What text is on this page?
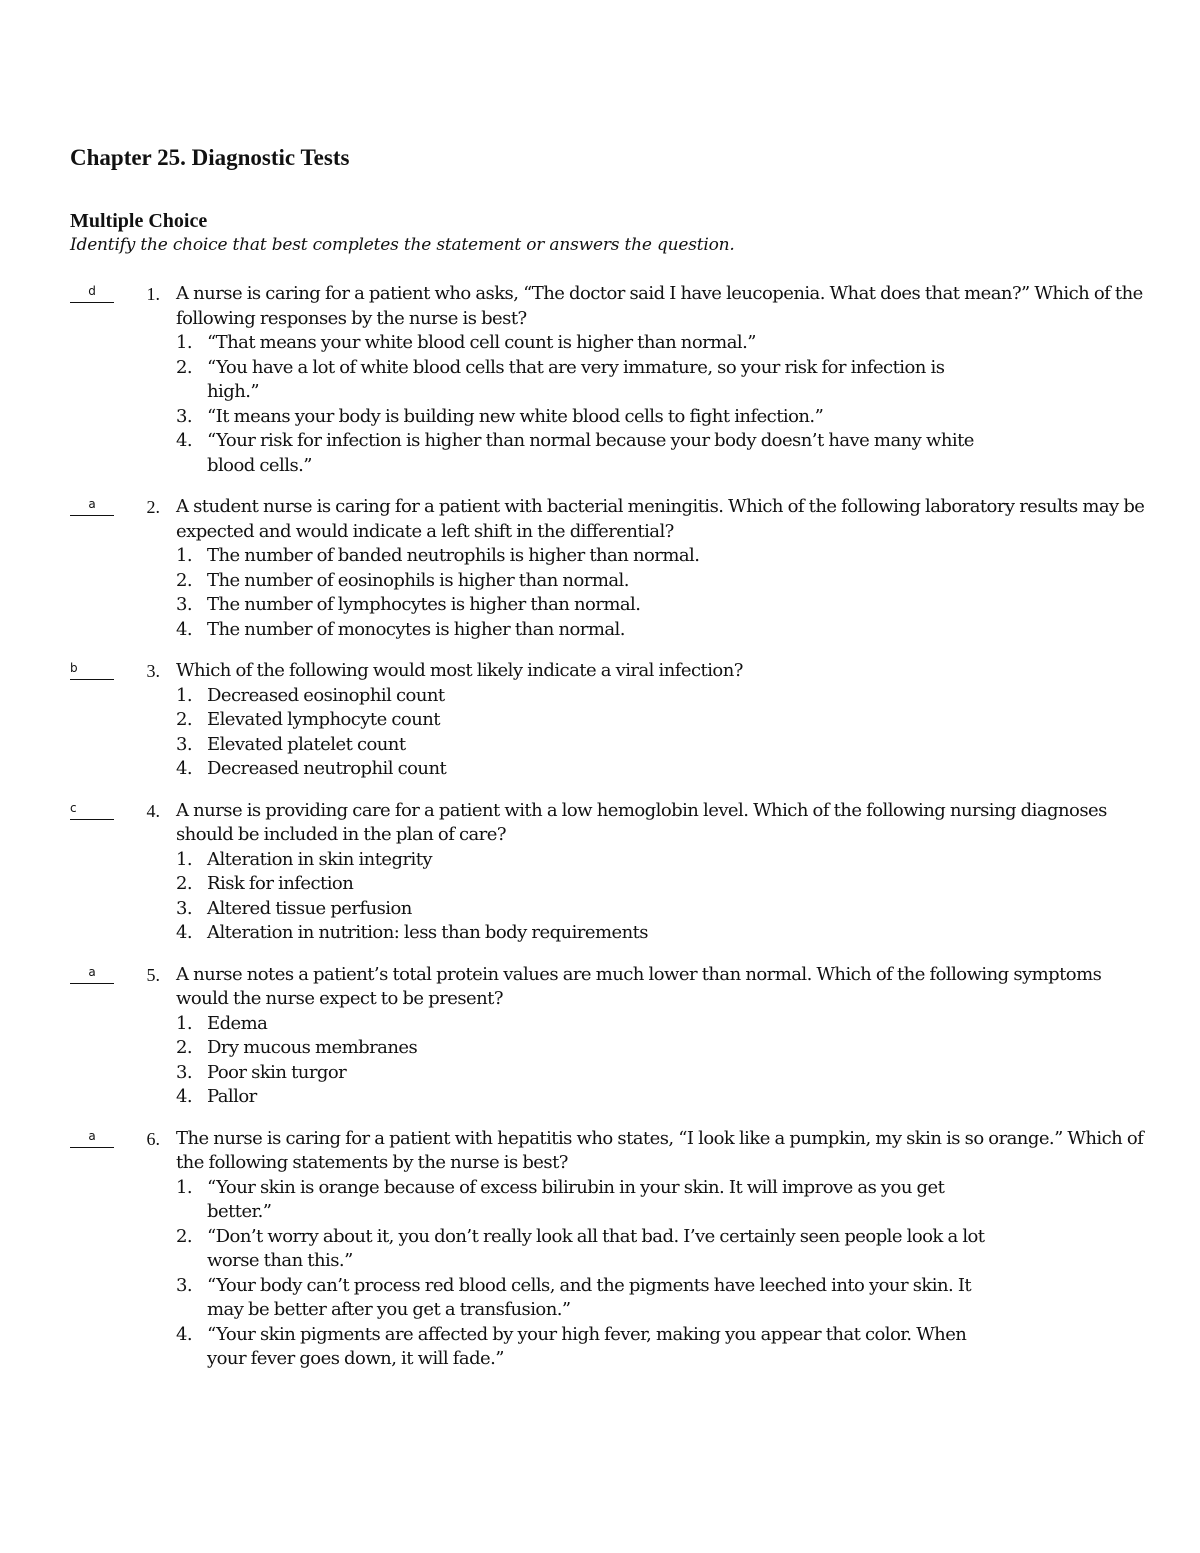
Chapter 25. Diagnostic Tests
Multiple Choice

Identify the choice that best completes the statement or answers the question.

d	1. A nurse is caring for a patient who asks, “The doctor said I have leucopenia. What does that mean?” Which of the following responses by the nurse is best?

1. “That means your white blood cell count is higher than normal.”
2. “You have a lot of white blood cells that are very immature, so your risk for infection is high.”
3. “It means your body is building new white blood cells to fight infection.”
4. “Your risk for infection is higher than normal because your body doesn’t have many white blood cells.”
a	2. A student nurse is caring for a patient with bacterial meningitis. Which of the following laboratory results may be expected and would indicate a left shift in the differential?

1. The number of banded neutrophils is higher than normal.
2. The number of eosinophils is higher than normal.
3. The number of lymphocytes is higher than normal.
4. The number of monocytes is higher than normal.
b	3. Which of the following would most likely indicate a viral infection?

1. Decreased eosinophil count
2. Elevated lymphocyte count
3. Elevated platelet count
4. Decreased neutrophil count
c	4. A nurse is providing care for a patient with a low hemoglobin level. Which of the following nursing diagnoses should be included in the plan of care?

1. Alteration in skin integrity
2. Risk for infection
3. Altered tissue perfusion
4. Alteration in nutrition: less than body requirements
a	5. A nurse notes a patient’s total protein values are much lower than normal. Which of the following symptoms would the nurse expect to be present?

1. Edema
2. Dry mucous membranes
3. Poor skin turgor
4. Pallor
a	6. The nurse is caring for a patient with hepatitis who states, “I look like a pumpkin, my skin is so orange.” Which of the following statements by the nurse is best?

1. “Your skin is orange because of excess bilirubin in your skin. It will improve as you get better.”
2. “Don’t worry about it, you don’t really look all that bad. I’ve certainly seen people look a lot worse than this.”
3. “Your body can’t process red blood cells, and the pigments have leeched into your skin. It may be better after you get a transfusion.”
4. “Your skin pigments are affected by your high fever, making you appear that color. When your fever goes down, it will fade.”
